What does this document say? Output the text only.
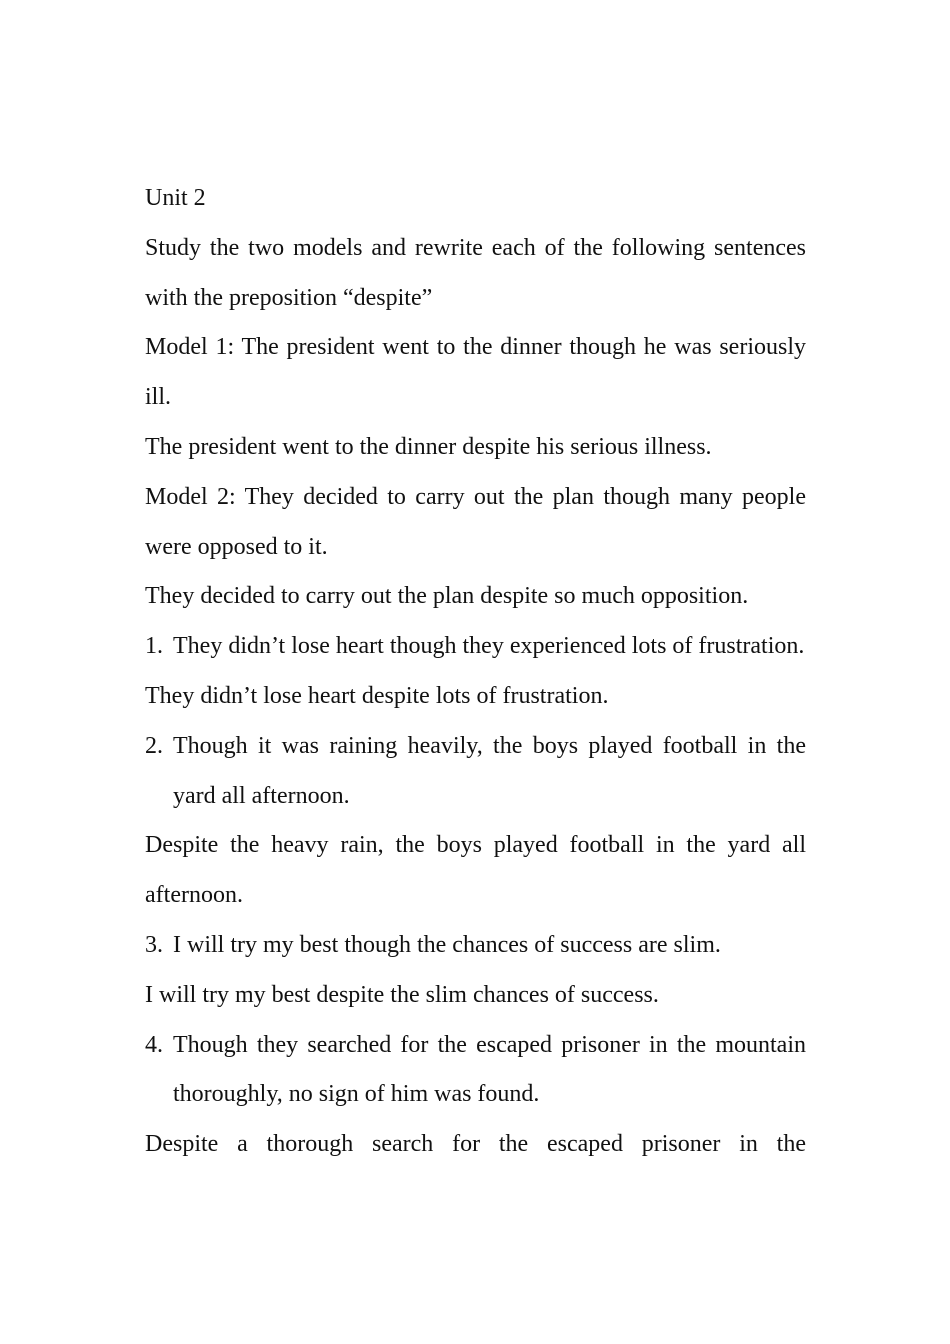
Unit 2

Study the two models and rewrite each of the following sentences with the preposition “despite”

Model 1: The president went to the dinner though he was seriously ill.

The president went to the dinner despite his serious illness.

Model 2: They decided to carry out the plan though many people were opposed to it.

They decided to carry out the plan despite so much opposition.

1. They didn’t lose heart though they experienced lots of frustration.

They didn’t lose heart despite lots of frustration.

2. Though it was raining heavily, the boys played football in the yard all afternoon.

Despite the heavy rain, the boys played football in the yard all afternoon.

3. I will try my best though the chances of success are slim.

I will try my best despite the slim chances of success.

4. Though they searched for the escaped prisoner in the mountain thoroughly, no sign of him was found.

Despite a thorough search for the escaped prisoner in the
